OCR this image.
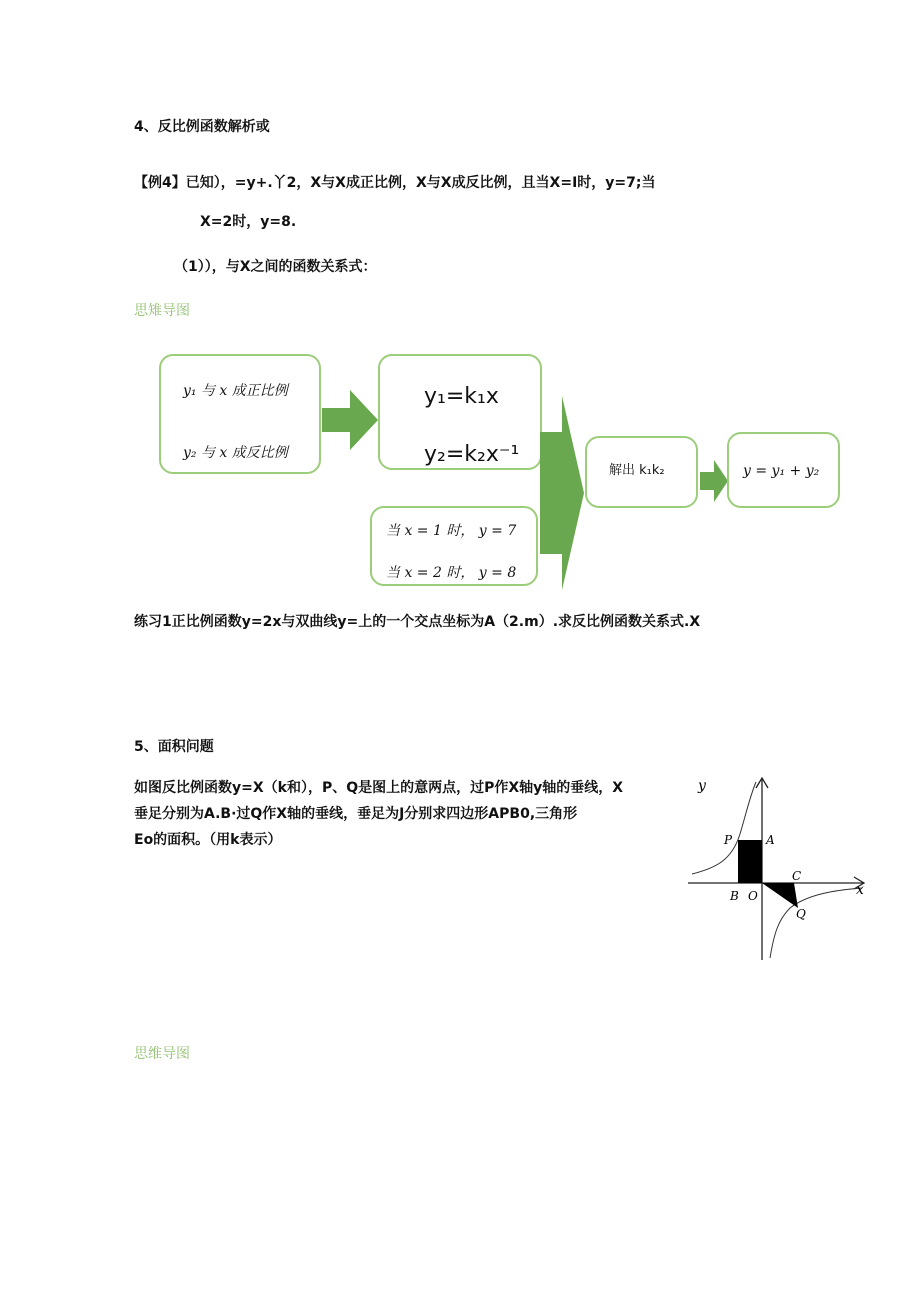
4、反比例函数解析或
【例4】已知），=y+.丫2，X与X成正比例，X与X成反比例，且当X=I时，y=7;当
X=2时，y=8.
（1）），与X之间的函数关系式：
思雉导图
y₁ 与 x 成正比例
y₂ 与 x 成反比例
y₁=k₁x
y₂=k₂x⁻¹
当 x = 1 时， y = 7
当 x = 2 时， y = 8
解出 k₁k₂	y = y₁ + y₂
练习1正比例函数y=2x与双曲线y=上的一个交点坐标为A（2.m）.求反比例函数关系式.X
5、面积问题
如图反比例函数y=X（k和），P、Q是图上的意两点，过P作X轴y轴的垂线，X
垂足分别为A.B·过Q作X轴的垂线，垂足为J分别求四边形APB0,三角形
Eo的面积。（用k表示）
y
x
P	A
B O
C
Q
思维导图
